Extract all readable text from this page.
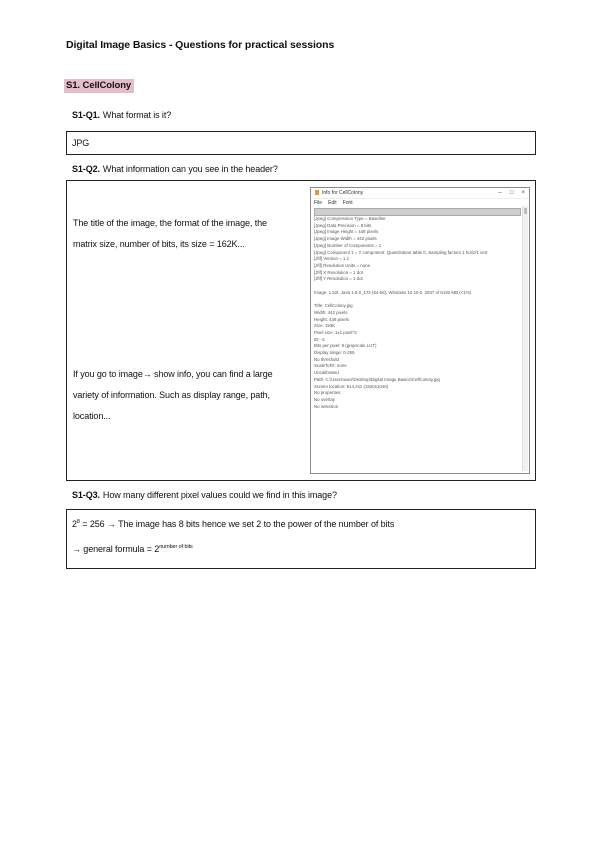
Digital Image Basics - Questions for practical sessions
S1. CellColony
S1-Q1. What format is it?
JPG
S1-Q2. What information can you see in the header?
The title of the image, the format of the image, the
matrix size, number of bits, its size = 162K...
If you go to image→ show info, you can find a large
variety of information. Such as display range, path,
location...
Info for CellColony	– □ ×
File Edit Font
[Jpeg] Compression Type = Baseline
[Jpeg] Data Precision = 8 bits
[Jpeg] Image Height = 448 pixels
[Jpeg] Image Width = 442 pixels
[Jpeg] Number of Components = 1
[Jpeg] Component 1 = Y component: Quantization table 0, Sampling factors 1 horiz/1 vert
[Jfif] Version = 1.1
[Jfif] Resolution Units = none
[Jfif] X Resolution = 1 dot
[Jfif] Y Resolution = 1 dot

Image: 1.52t, Java 1.8.0_172 (64-bit), Windows 10 10.0, 2047 of 8192 MB (<1%)

Title: CellColony.jpg
Width: 442 pixels
Height: 448 pixels
Size: 193K
Pixel size: 1x1 pixel^2
ID: -2
Bits per pixel: 8 (grayscale LUT)
Display range: 0-255
No threshold
ScaleToFit: none
Uncalibrated
Path: C:\Users\user\Desktop\Digital Image Basics\CellColony.jpg
Screen location: 514,211 (1920x1040)
No properties
No overlay
No selection
S1-Q3. How many different pixel values could we find in this image?
$2^8 = 256$ → The image has 8 bits hence we set 2 to the power of the number of bits
→ general formula = $2^{number of bits}$
